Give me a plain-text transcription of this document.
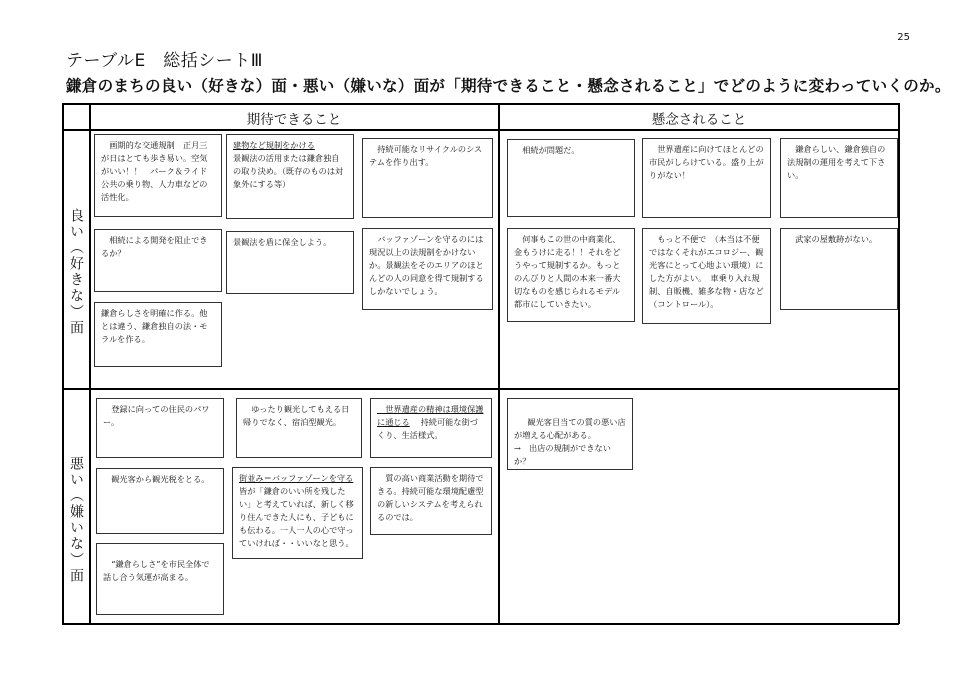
25
テーブルE　総括シートⅢ
鎌倉のまちの良い（好きな）面・悪い（嫌いな）面が「期待できること・懸念されること」でどのように変わっていくのか。
期待できること	懸念されること
良い（好きな）面
悪い（嫌いな）面
　画期的な交通規制　正月三が日はとても歩き易い。空気がいい！！　パーク＆ライド　公共の乗り物、人力車などの活性化。
建物など規制をかける
景観法の活用または鎌倉独自の取り決め。（既存のものは対象外にする等）
　持続可能なリサイクルのシステムを作り出す。
　相続による開発を阻止できるか？
景観法を盾に保全しよう。	　バッファゾーンを守るのには現況以上の法規制をかけないか。景観法をそのエリアのほとんどの人の同意を得て規制するしかないでしょう。
鎌倉らしさを明確に作る。他とは違う、鎌倉独自の法・モラルを作る。
　相続が問題だ。	　世界遺産に向けてほとんどの市民がしらけている。盛り上がりがない！
　鎌倉らしい、鎌倉独自の法規制の運用を考えて下さい。
　何事もこの世の中商業化、金もうけに走る！！それをどうやって規制するか。もっとのんびりと人間の本来一番大切なものを感じられるモデル都市にしていきたい。
　もっと不便で　（本当は不便ではなくそれがエコロジー、観光客にとって心地よい環境）にした方がよい。　車乗り入れ規制、自販機、雑多な物・店など（コントロール）。
　武家の屋敷跡がない。
　登録に向っての住民のパワー。
　ゆったり観光してもえる日帰りでなく、宿泊型観光。
　世界遺産の精神は環境保護に通じる 　持続可能な街づくり、生活様式。
　観光客から観光税をとる。	街並み＝バッファゾーンを守る 　皆が「鎌倉のいい所を残したい」と考えていれば、新しく移り住んできた人にも、子どもにも伝わる。一人一人の心で守っていければ・・いいなと思う。
　質の高い商業活動を期待できる。持続可能な環境配慮型の新しいシステムを考えられるのでは。
　“鎌倉らしさ”を市民全体で話し合う気運が高まる。

　観光客目当ての質の悪い店が増える心配がある。
→　出店の規制ができないか？
